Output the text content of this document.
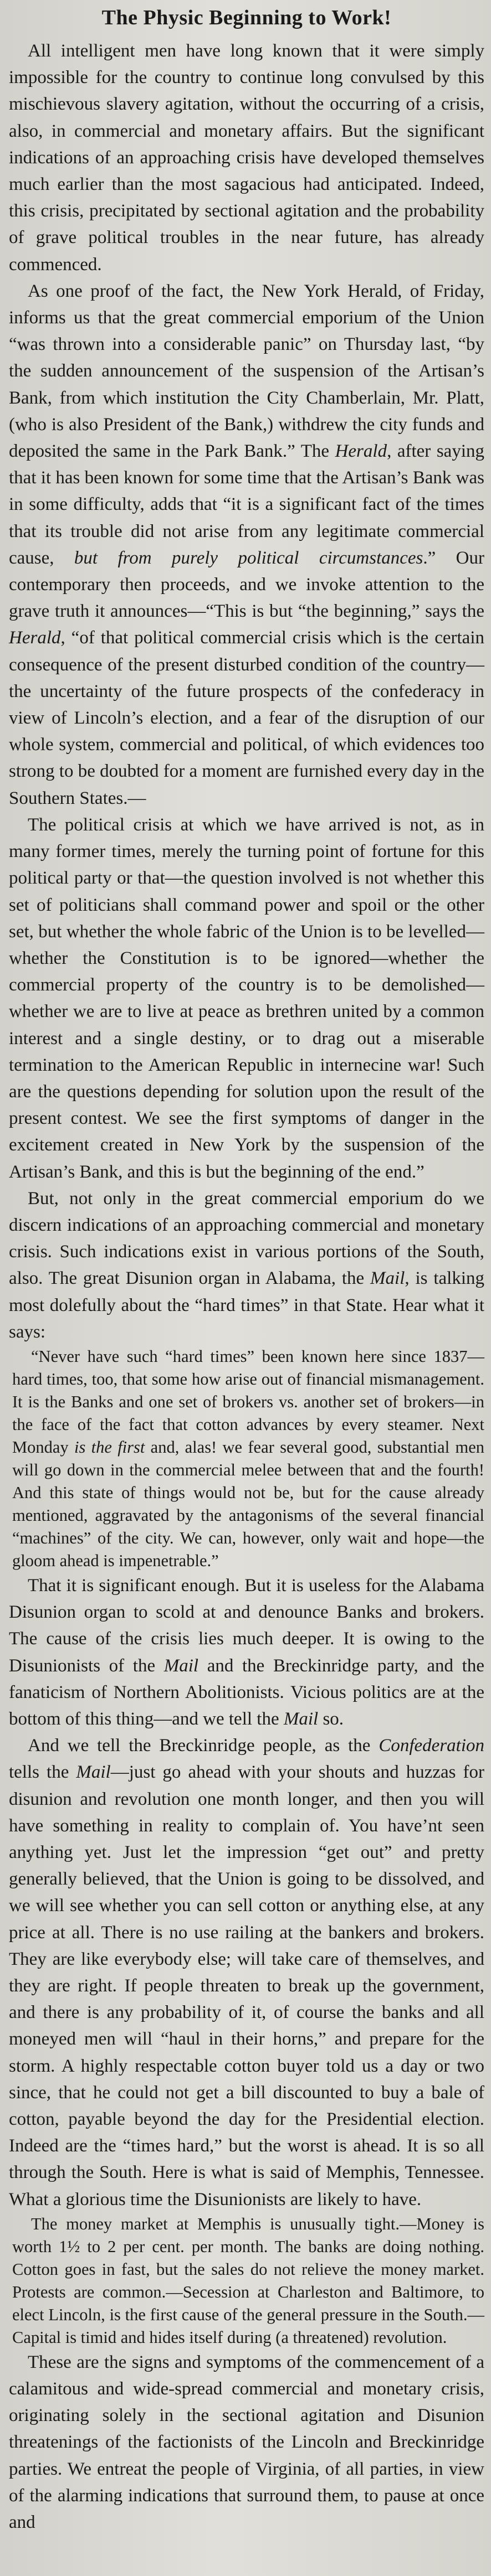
The Physic Beginning to Work!

All intelligent men have long known that it were simply impossible for the country to continue long convulsed by this mischievous slavery agitation, without the occurring of a crisis, also, in commercial and monetary affairs. But the significant indications of an approaching crisis have developed themselves much earlier than the most sagacious had anticipated. Indeed, this crisis, precipitated by sectional agitation and the probability of grave political troubles in the near future, has already commenced.

As one proof of the fact, the New York Herald, of Friday, informs us that the great commercial emporium of the Union “was thrown into a considerable panic” on Thursday last, “by the sudden announcement of the suspension of the Artisan’s Bank, from which institution the City Chamberlain, Mr. Platt, (who is also President of the Bank,) withdrew the city funds and deposited the same in the Park Bank.” The Herald, after saying that it has been known for some time that the Artisan’s Bank was in some difficulty, adds that “it is a significant fact of the times that its trouble did not arise from any legitimate commercial cause, but from purely political circumstances.” Our contemporary then proceeds, and we invoke attention to the grave truth it announces—“This is but “the beginning,” says the Herald, “of that political commercial crisis which is the certain consequence of the present disturbed condition of the country—the uncertainty of the future prospects of the confederacy in view of Lincoln’s election, and a fear of the disruption of our whole system, commercial and political, of which evidences too strong to be doubted for a moment are furnished every day in the Southern States.—

The political crisis at which we have arrived is not, as in many former times, merely the turning point of fortune for this political party or that—the question involved is not whether this set of politicians shall command power and spoil or the other set, but whether the whole fabric of the Union is to be levelled—whether the Constitution is to be ignored—whether the commercial property of the country is to be demolished—whether we are to live at peace as brethren united by a common interest and a single destiny, or to drag out a miserable termination to the American Republic in internecine war! Such are the questions depending for solution upon the result of the present contest. We see the first symptoms of danger in the excitement created in New York by the suspension of the Artisan’s Bank, and this is but the beginning of the end.”

But, not only in the great commercial emporium do we discern indications of an approaching commercial and monetary crisis. Such indications exist in various portions of the South, also. The great Disunion organ in Alabama, the Mail, is talking most dolefully about the “hard times” in that State. Hear what it says:

“Never have such “hard times” been known here since 1837—hard times, too, that some how arise out of financial mismanagement. It is the Banks and one set of brokers vs. another set of brokers—in the face of the fact that cotton advances by every steamer. Next Monday is the first and, alas! we fear several good, substantial men will go down in the commercial melee between that and the fourth! And this state of things would not be, but for the cause already mentioned, aggravated by the antagonisms of the several financial “machines” of the city. We can, however, only wait and hope—the gloom ahead is impenetrable.”

That it is significant enough. But it is useless for the Alabama Disunion organ to scold at and denounce Banks and brokers. The cause of the crisis lies much deeper. It is owing to the Disunionists of the Mail and the Breckinridge party, and the fanaticism of Northern Abolitionists. Vicious politics are at the bottom of this thing—and we tell the Mail so.

And we tell the Breckinridge people, as the Confederation tells the Mail—just go ahead with your shouts and huzzas for disunion and revolution one month longer, and then you will have something in reality to complain of. You have’nt seen anything yet. Just let the impression “get out” and pretty generally believed, that the Union is going to be dissolved, and we will see whether you can sell cotton or anything else, at any price at all. There is no use railing at the bankers and brokers. They are like everybody else; will take care of themselves, and they are right. If people threaten to break up the government, and there is any probability of it, of course the banks and all moneyed men will “haul in their horns,” and prepare for the storm. A highly respectable cotton buyer told us a day or two since, that he could not get a bill discounted to buy a bale of cotton, payable beyond the day for the Presidential election. Indeed are the “times hard,” but the worst is ahead. It is so all through the South. Here is what is said of Memphis, Tennessee. What a glorious time the Disunionists are likely to have.

The money market at Memphis is unusually tight.—Money is worth 1½ to 2 per cent. per month. The banks are doing nothing. Cotton goes in fast, but the sales do not relieve the money market. Protests are common.—Secession at Charleston and Baltimore, to elect Lincoln, is the first cause of the general pressure in the South.—Capital is timid and hides itself during (a threatened) revolution.

These are the signs and symptoms of the commencement of a calamitous and wide-spread commercial and monetary crisis, originating solely in the sectional agitation and Disunion threatenings of the factionists of the Lincoln and Breckinridge parties. We entreat the people of Virginia, of all parties, in view of the alarming indications that surround them, to pause at once and
